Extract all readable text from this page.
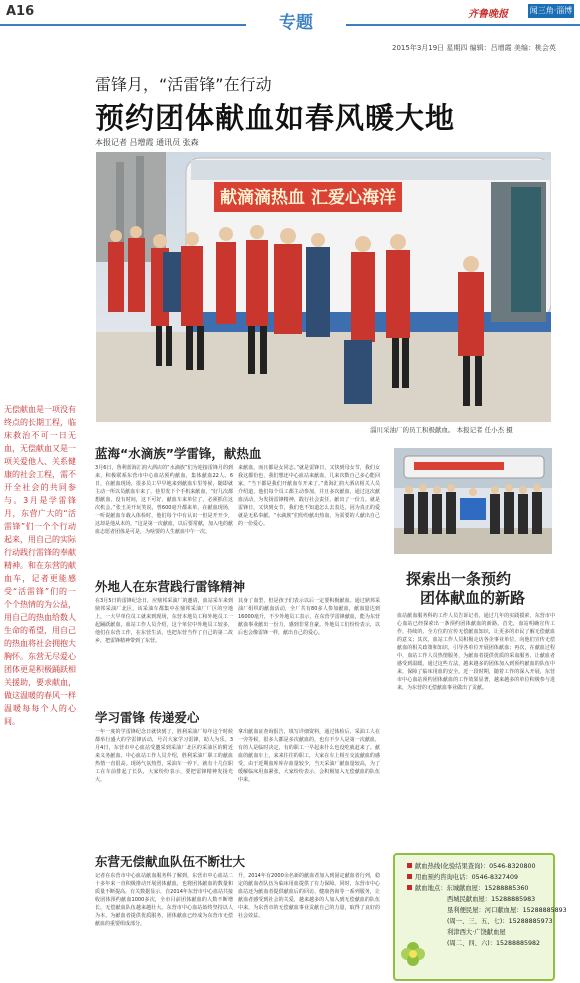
A16
专题	齐鲁晚报	闻三角·淄博
2015年3月19日 星期四 编辑：吕增霞 美编：桃会英
雷锋月，“活雷锋”在行动
预约团体献血如春风暖大地
本报记者 吕增霞 通讯员 张森
献滴滴热血 汇爱心海洋
淄川采油厂的员工积极献血。 本报记者 任小杰 摄
无偿献血是一项没有终点的长期工程，临床救治不可一日无血，无偿献血又是一项关爱他人、关系健康的社会工程，需不开全社会的共同参与。3月是学雷锋月，东营广大的“活雷锋”们一个个行动起来，用自己的实际行动践行雷锋的奉献精神。和在东营的献血车，记者更能感受“活雷锋”们的一个个热情的为公益，用自己的热血给数人生命的希望，用自己的热血将社会拥抱大胸怀。东营无尽爱心团体更是积极踊跃相关援助，要求献血，做这温暖的春风一样温暖每每个人的心间。
蓝海“水滴族”学雷锋，献热血
3月6日，鲁利蓝海汇润大酒店的“水滴族”们为迎接雷锋月的到来，积极联系东营市中心血站预约献血，集体献血22人。6日，在献血现场，很多员工早早地来到献血车里等候，随即就主动一所以员献血车来了，巷里发下个手机来献血，“好几次都想献血，没有时间，这下可好，献血车来单位了，必须抓住这次机会。”张玉美开玩笑说，曾600毫升都来单，在献血现场，一听说献血车载入体检时，他们每个中有认识一但是开开少，这却是他从未的，“这是第一次献血，以后要常献，加入电的献血志愿者团体是可是，为啥要的人生献血中午一次。
来献血，而且都是女同志。”就是雷锋日，又快到母女节，我们女我这都份也，我们想还中心血站来献血，几来次数自己多心能回家，“当下都是我们开献血车开来了。”蓝海汇润大酒店相关人员介绍道，他们每个员工都主动参加，并且多次献血，通过这次献血活动，为发扬雷锋精神，践行社会责任，献出了一份力。就是雷锋日，又快到女节，我们也不知道怎么去表达，因为真正的爱就是无私奉献。“水滴族”们纷纷献出热血，为需要的人献出自己的一份爱心。
外地人在东营践行雷锋精神
在3月5日的雷锋纪念日，应鼎邦采油厂的邀请，血站采车来到鼎邦采油厂北区，该采油车都集中在鼎邦采油厂厂区的空地上，一大早单位员工就来到现场，东营本地员工和外地员工一起踊跃献血。血站工作人员介绍，这个单位中外地员工较多，他们在东营工作，在东营生活，也把东营当作了自己的第二故乡，把雷锋精神带到了东营。
其身了血型，但是孩子们表示以后一定要积极献血。通过鼎邦采油厂组织的献血活动，全厂共有80多人参加献血，献血量达到16000毫升，不少外地员工表示，在东营学雷锋献血，能为东营献血事业献出一份力，感到非常自豪。外地员工们纷纷表示，以后也会像雷锋一样，献出自己的爱心。
学习雷锋 传递爱心
一年一度的学雷锋纪念日就快到了，胜利采油厂每年这个时候都举行盛大的学雷锋活动，号召大家学习雷锋，助人为乐。3月4日，东营市中心血站受邀采到采油厂北区的采油区的附近来义务献血。中心血站工作人员介绍，胜利采油厂职工的献血热情一直很高。现场气氛热烈，采油车一停下，就有十几位职工在车前排起了长队，大家纷纷表示，要把雷锋精神发扬光大。
拿出献血证查询报告，填写详细资料，通过体检后，采油工人在一旁等候，很多人都是多次献血的，也有不少人是第一次献血，有的人是临时决定，有的职工一早起来什么也没吃就赶来了。献血的献血车上，来来往往的职工，大家在车上相互交流献血的感受，由于近期血库库存血量较少，当天采油厂献血量较高，为了缓解临床用血紧张，大家纷纷表示，会积极加入无偿献血的队伍中来。
东营无偿献血队伍不断壮大
记者在东营市中心血站献血服务科了解到，东营市中心血站二十多年来一直积极推动开展团体献血，也将团体献血的数量和质量不断提高，有关数据显示，自2014年东营市中心血站共接收团体预约献血1000多次，全市目前团体献血的人数不断增长，无偿献血队伍越来越壮大。东营市中心血站始终坚持以人为本，为献血者提供优质服务，团体献血已经成为东营市无偿献血的重要组成部分。
升，2014年有2000余名新的献血者加入到固定献血者行列，稳定的献血者队伍为临床用血提供了有力保障。同时，东营市中心血站还为献血者提供献血后的回访、健康咨询等一系列服务，让献血者感受到社会的关爱，越来越多的人加入到无偿献血的队伍中来，为东营市的无偿献血事业贡献自己的力量，取得了良好的社会效益。
探索出一条预约
团体献血的新路
血站献血服务科的工作人员告诉记者，通过几年的实践摸索，东营市中心血站已经探索出一条预约团体献血的新路。首先，血站明确宣传工作，持续的、全方位的宣传无偿献血知识，让更多的市民了解无偿献血的意义；其次，血站工作人员积极走访各企事业单位，向他们宣传无偿献血的相关政策和知识，引导各单位开展团体献血；再次，在献血过程中，血站工作人员热情服务，为献血者提供优质的采血服务，让献血者感受到温暖。通过这些方法，越来越多的团体加入到预约献血的队伍中来，保障了临床用血的安全。近一段时期，随着工作的深入开展，东营市中心血站预约团体献血的工作效果显著，越来越多的单位积极参与进来，为东营的无偿献血事业做出了贡献。
献血热线(化验结果查询)：0546-8320800
用血预约咨询电话：0546-8327409
献血地点：东城献血屋：15288885360
西城民献血屋：15288885983
垦利便民屋：河口献血屋：15288885893
(周一、三、五、七)：15288885973
利津西大·广饶献血屋
(周二、四、六)：15288885982
